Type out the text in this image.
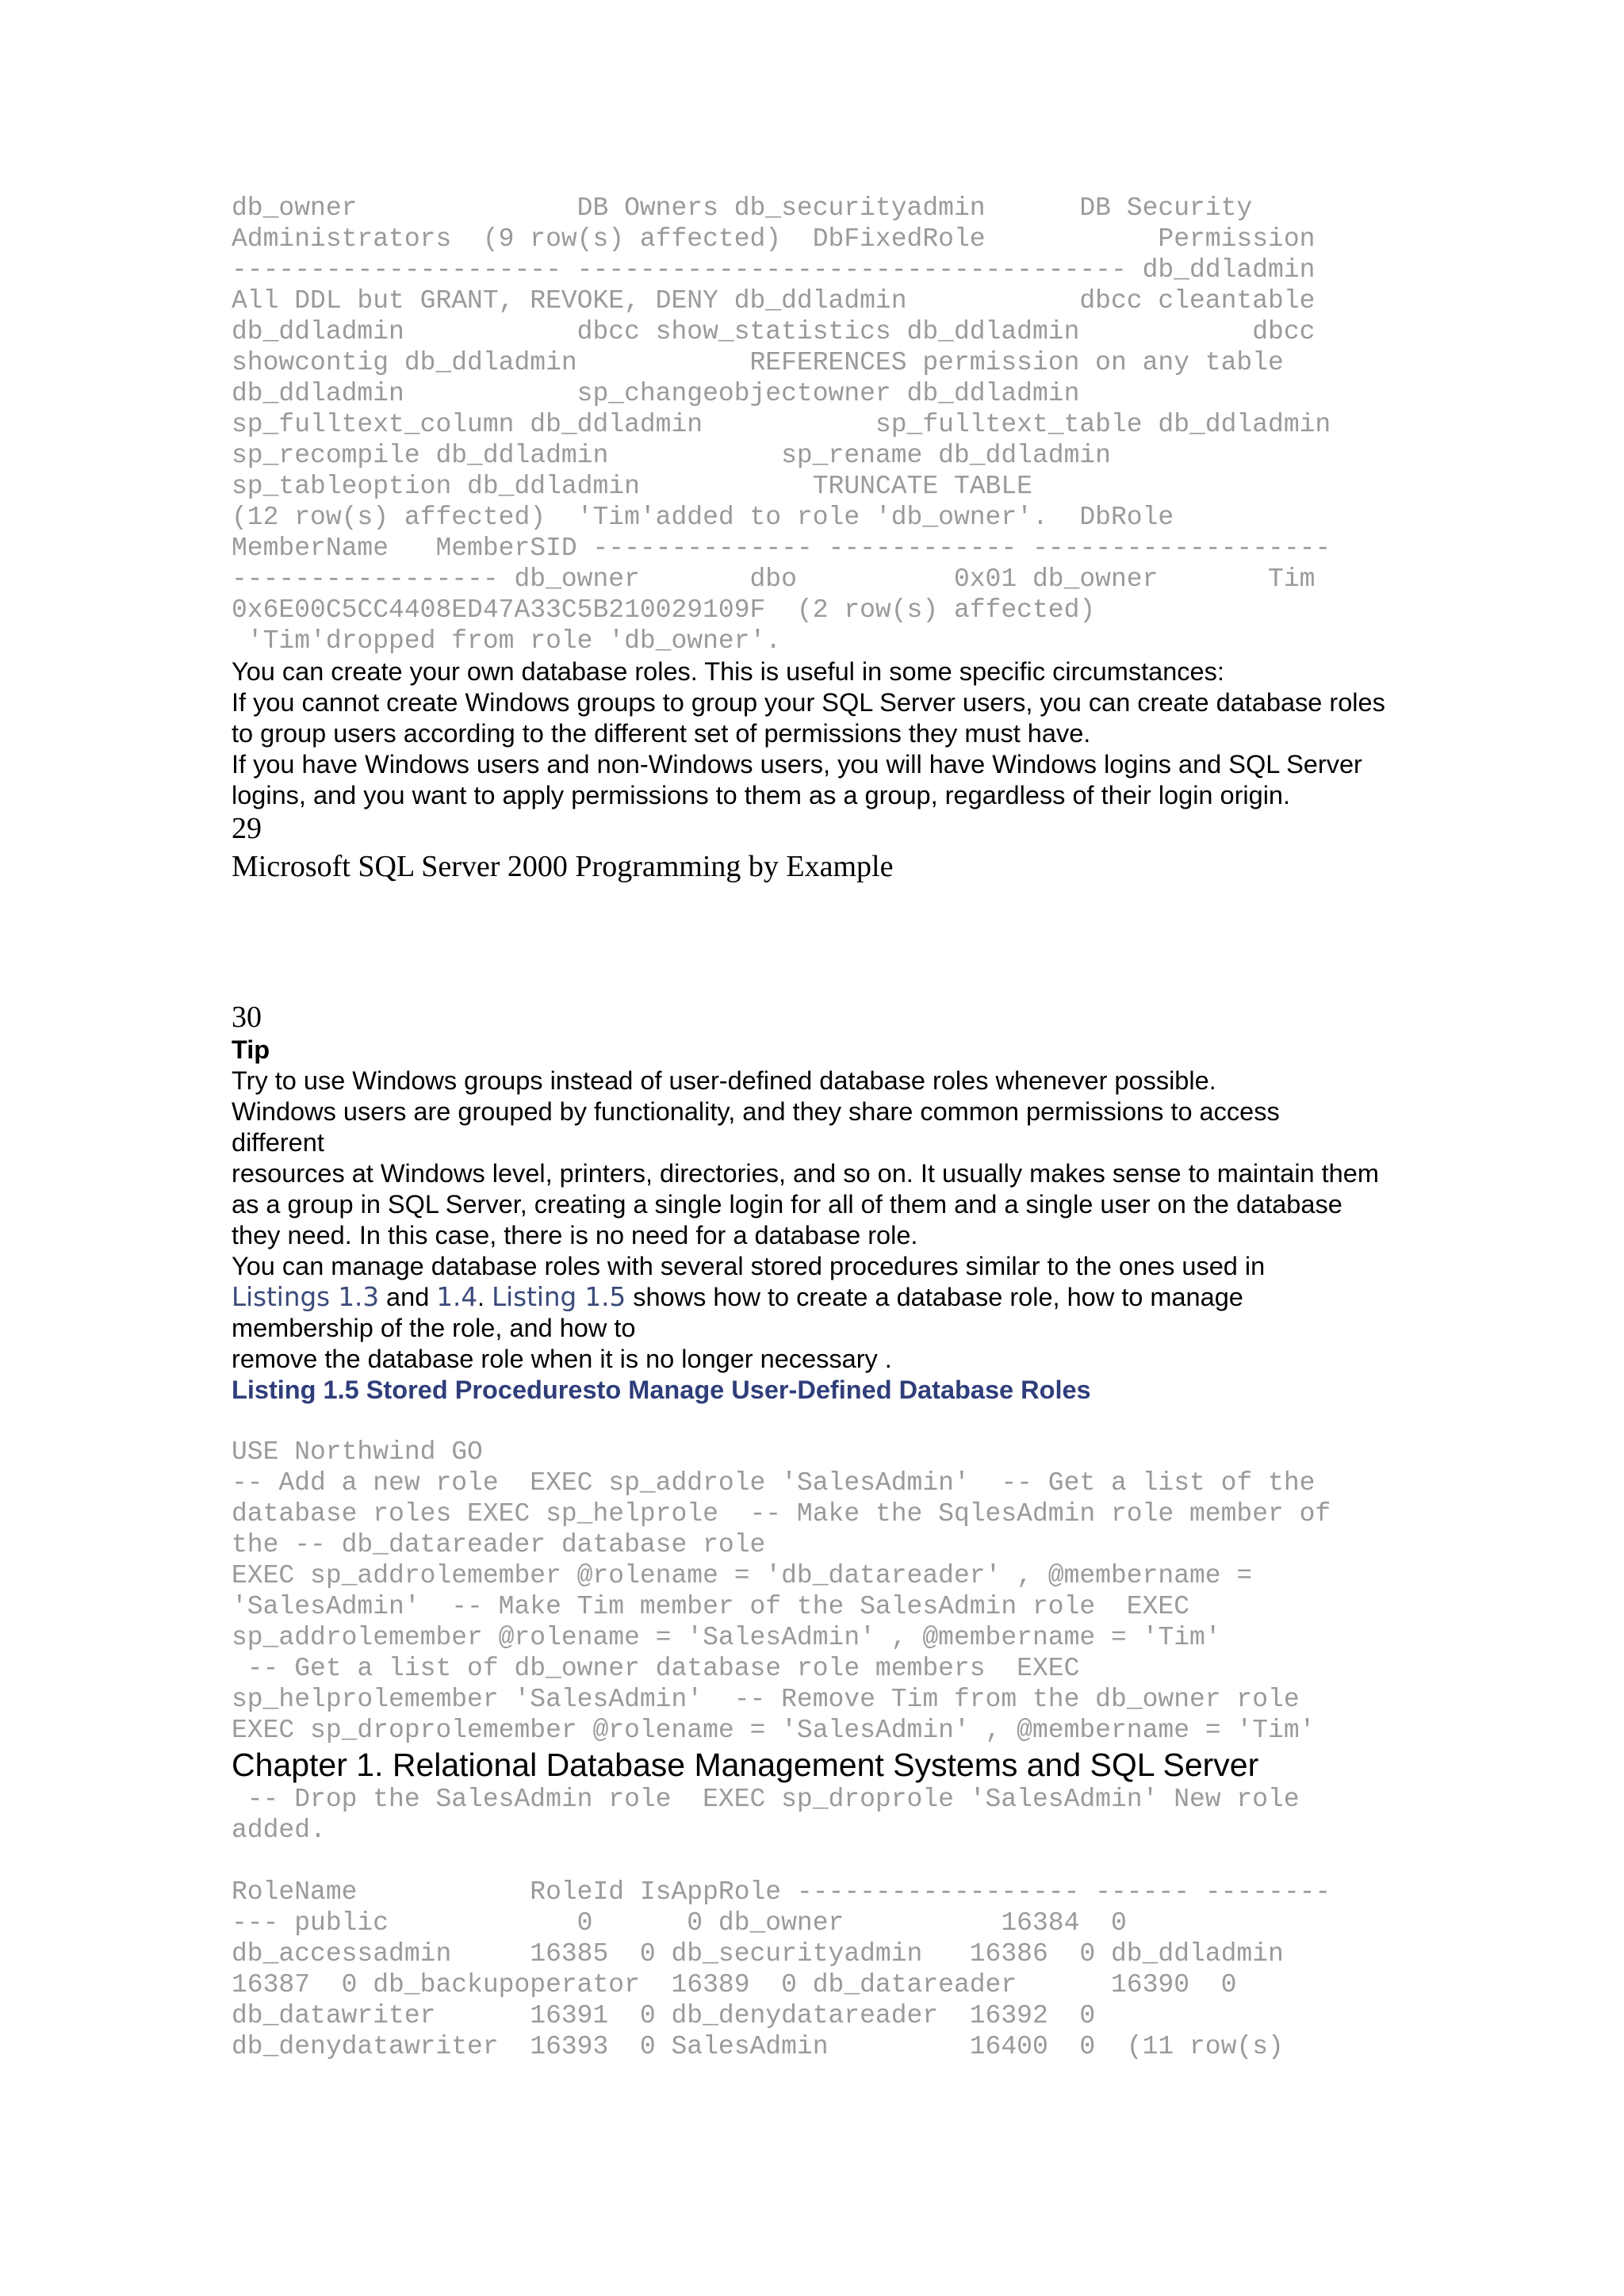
db_owner              DB Owners db_securityadmin      DB Security
Administrators  (9 row(s) affected)  DbFixedRole           Permission
--------------------- ----------------------------------- db_ddladmin
All DDL but GRANT, REVOKE, DENY db_ddladmin           dbcc cleantable
db_ddladmin           dbcc show_statistics db_ddladmin           dbcc
showcontig db_ddladmin           REFERENCES permission on any table
db_ddladmin           sp_changeobjectowner db_ddladmin
sp_fulltext_column db_ddladmin           sp_fulltext_table db_ddladmin
sp_recompile db_ddladmin           sp_rename db_ddladmin
sp_tableoption db_ddladmin           TRUNCATE TABLE
(12 row(s) affected)  'Tim'added to role 'db_owner'.  DbRole
MemberName   MemberSID -------------- ------------ -------------------
----------------- db_owner       dbo          0x01 db_owner       Tim
0x6E00C5CC4408ED47A33C5B210029109F  (2 row(s) affected)
'Tim'dropped from role 'db_owner'.

You can create your own database roles. This is useful in some specific circumstances:

If you cannot create Windows groups to group your SQL Server users, you can create database roles to group users according to the different set of permissions they must have.

If you have Windows users and non-Windows users, you will have Windows logins and SQL Server logins, and you want to apply permissions to them as a group, regardless of their login origin.

29

Microsoft SQL Server 2000 Programming by Example

30

Tip

Try to use Windows groups instead of user-defined database roles whenever possible.

Windows users are grouped by functionality, and they share common permissions to access

different

resources at Windows level, printers, directories, and so on. It usually makes sense to maintain them as a group in SQL Server, creating a single login for all of them and a single user on the database they need. In this case, there is no need for a database role.

You can manage database roles with several stored procedures similar to the ones used in
Listings 1.3 and 1.4. Listing 1.5 shows how to create a database role, how to manage membership of the role, and how to

remove the database role when it is no longer necessary .

Listing 1.5 Stored Proceduresto Manage User-Defined Database Roles

USE Northwind GO
-- Add a new role  EXEC sp_addrole 'SalesAdmin'  -- Get a list of the
database roles EXEC sp_helprole  -- Make the SqlesAdmin role member of
the -- db_datareader database role
EXEC sp_addrolemember @rolename = 'db_datareader' , @membername =
'SalesAdmin'  -- Make Tim member of the SalesAdmin role  EXEC
sp_addrolemember @rolename = 'SalesAdmin' , @membername = 'Tim'
-- Get a list of db_owner database role members  EXEC
sp_helprolemember 'SalesAdmin'  -- Remove Tim from the db_owner role
EXEC sp_droprolemember @rolename = 'SalesAdmin' , @membername = 'Tim'

Chapter 1. Relational Database Management Systems and SQL Server

-- Drop the SalesAdmin role  EXEC sp_droprole 'SalesAdmin' New role
added.
RoleName           RoleId IsAppRole ------------------ ------ --------
--- public            0      0 db_owner          16384  0
db_accessadmin     16385  0 db_securityadmin   16386  0 db_ddladmin
16387  0 db_backupoperator  16389  0 db_datareader      16390  0
db_datawriter      16391  0 db_denydatareader  16392  0
db_denydatawriter  16393  0 SalesAdmin         16400  0  (11 row(s)
